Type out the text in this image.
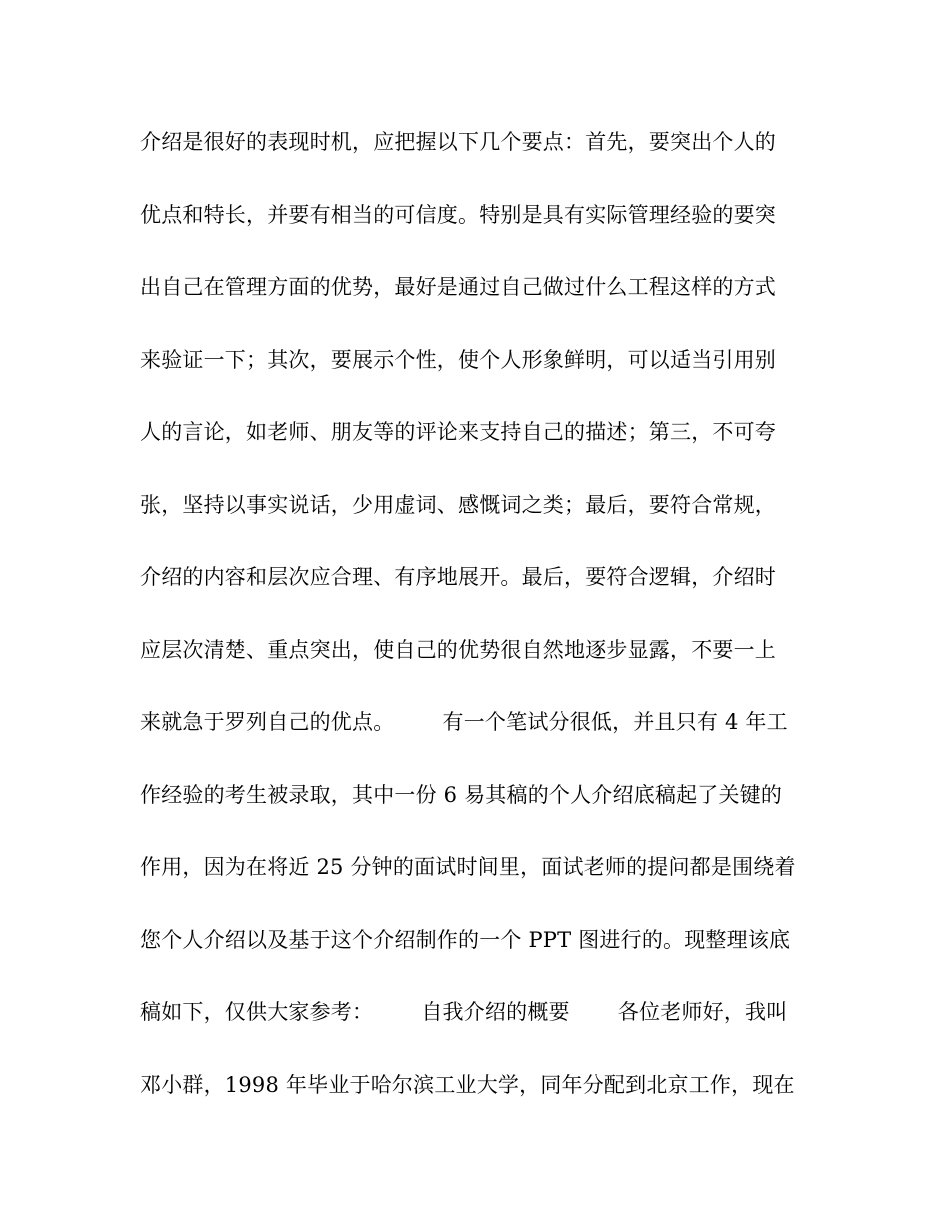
介绍是很好的表现时机，应把握以下几个要点：首先，要突出个人的
优点和特长，并要有相当的可信度。特别是具有实际管理经验的要突
出自己在管理方面的优势，最好是通过自己做过什么工程这样的方式
来验证一下；其次，要展示个性，使个人形象鲜明，可以适当引用别
人的言论，如老师、朋友等的评论来支持自己的描述；第三，不可夸
张，坚持以事实说话，少用虚词、感慨词之类；最后，要符合常规，
介绍的内容和层次应合理、有序地展开。最后，要符合逻辑，介绍时
应层次清楚、重点突出，使自己的优势很自然地逐步显露，不要一上
来就急于罗列自己的优点。       有一个笔试分很低，并且只有 4 年工
作经验的考生被录取，其中一份 6 易其稿的个人介绍底稿起了关键的
作用，因为在将近 25 分钟的面试时间里，面试老师的提问都是围绕着
您个人介绍以及基于这个介绍制作的一个 PPT 图进行的。现整理该底
稿如下，仅供大家参考：       自我介绍的概要       各位老师好，我叫
邓小群，1998 年毕业于哈尔滨工业大学，同年分配到北京工作，现在
